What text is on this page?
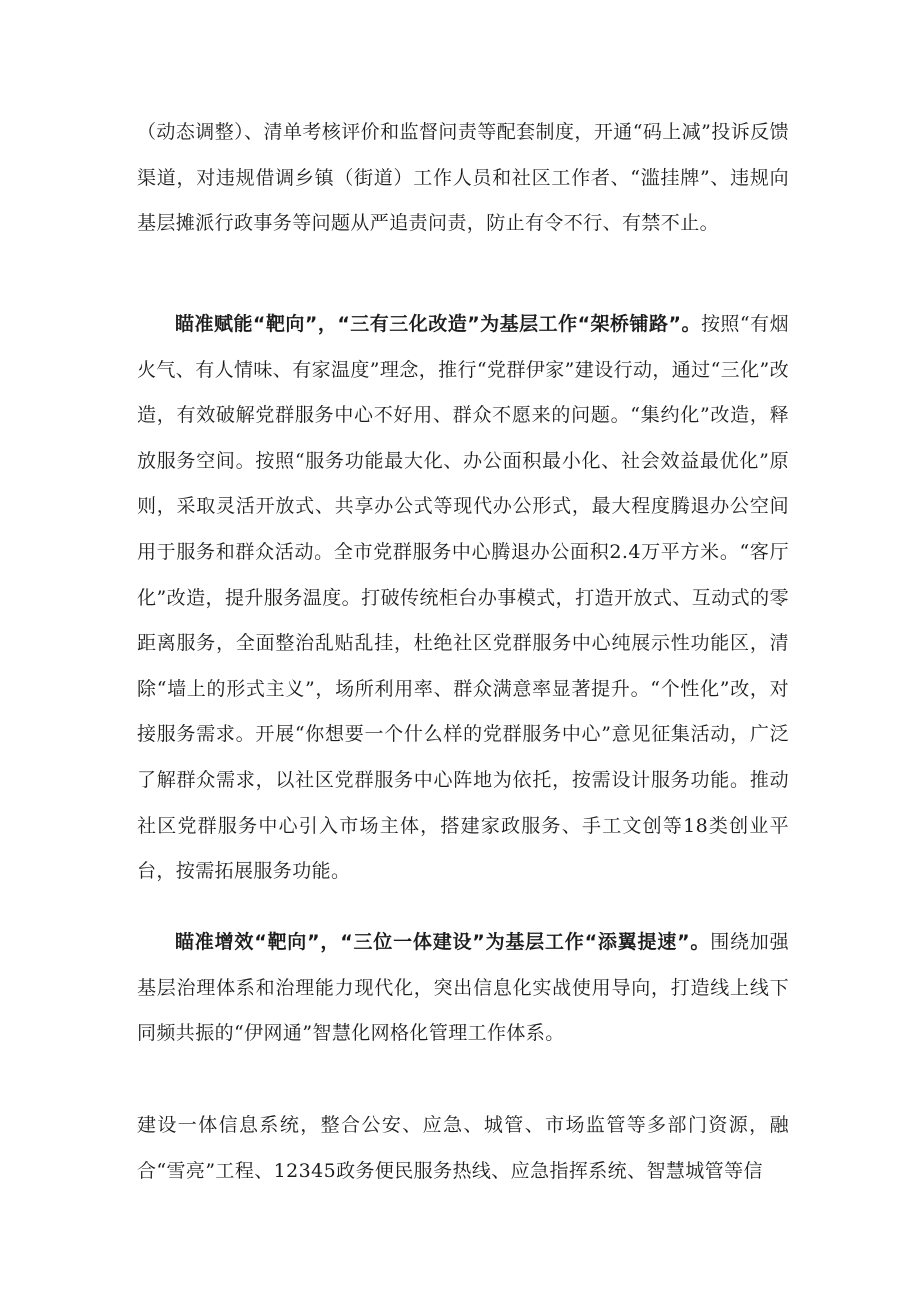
（动态调整）、清单考核评价和监督问责等配套制度，开通“码上减”投诉反馈渠道，对违规借调乡镇（街道）工作人员和社区工作者、“滥挂牌”、违规向基层摊派行政事务等问题从严追责问责，防止有令不行、有禁不止。

瞄准赋能“靶向”，“三有三化改造”为基层工作“架桥铺路”。按照“有烟火气、有人情味、有家温度”理念，推行“党群伊家”建设行动，通过“三化”改造，有效破解党群服务中心不好用、群众不愿来的问题。“集约化”改造，释放服务空间。按照“服务功能最大化、办公面积最小化、社会效益最优化”原则，采取灵活开放式、共享办公式等现代办公形式，最大程度腾退办公空间用于服务和群众活动。全市党群服务中心腾退办公面积2.4万平方米。“客厅化”改造，提升服务温度。打破传统柜台办事模式，打造开放式、互动式的零距离服务，全面整治乱贴乱挂，杜绝社区党群服务中心纯展示性功能区，清除“墙上的形式主义”，场所利用率、群众满意率显著提升。“个性化”改，对接服务需求。开展“你想要一个什么样的党群服务中心”意见征集活动，广泛了解群众需求，以社区党群服务中心阵地为依托，按需设计服务功能。推动社区党群服务中心引入市场主体，搭建家政服务、手工文创等18类创业平台，按需拓展服务功能。

瞄准增效“靶向”，“三位一体建设”为基层工作“添翼提速”。围绕加强基层治理体系和治理能力现代化，突出信息化实战使用导向，打造线上线下同频共振的“伊网通”智慧化网格化管理工作体系。

建设一体信息系统，整合公安、应急、城管、市场监管等多部门资源，融合“雪亮”工程、12345政务便民服务热线、应急指挥系统、智慧城管等信
